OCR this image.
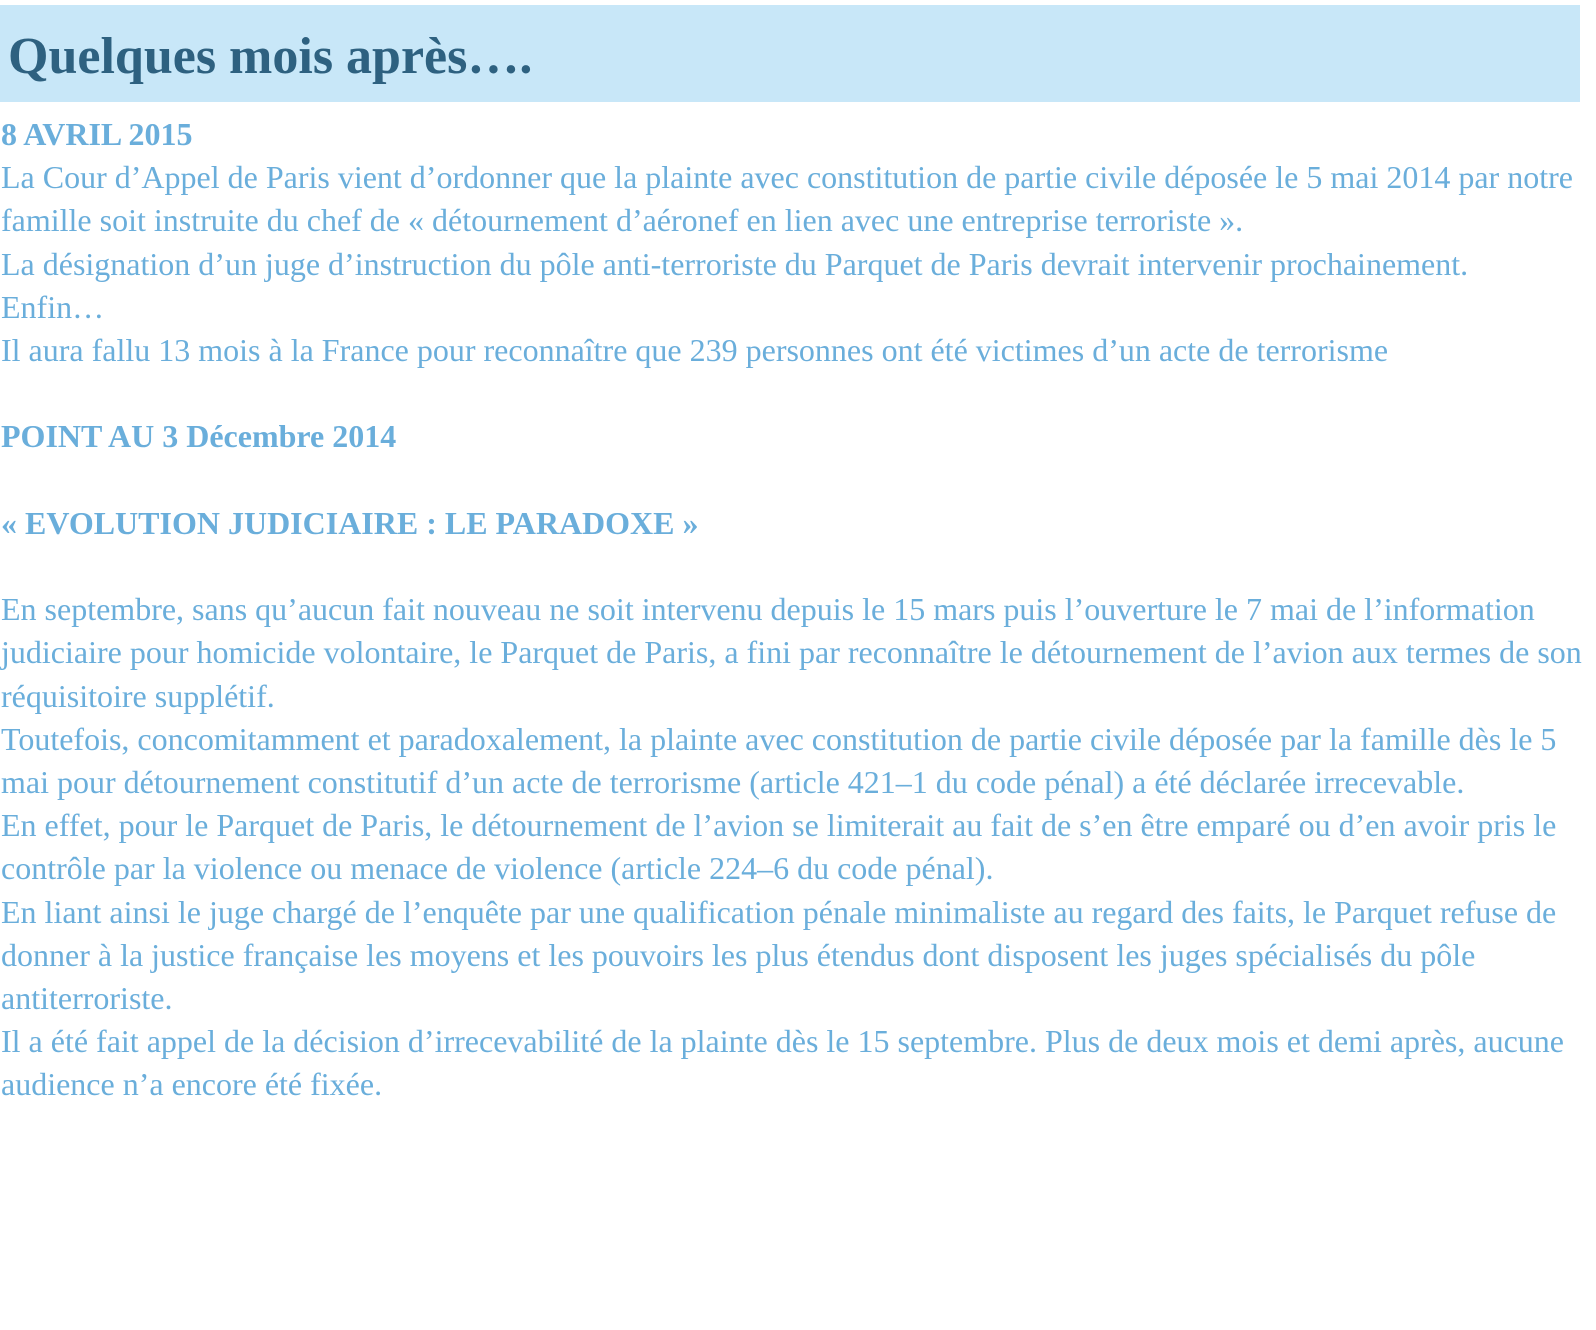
Quelques mois après….

8 AVRIL 2015

La Cour d’Appel de Paris vient d’ordonner que la plainte avec constitution de partie civile déposée le 5 mai 2014 par notre famille soit instruite du chef de « détournement d’aéronef en lien avec une entreprise terroriste ».

La désignation d’un juge d’instruction du pôle anti-terroriste du Parquet de Paris devrait intervenir prochainement.

Enfin…

Il aura fallu 13 mois à la France pour reconnaître que 239 personnes ont été victimes d’un acte de terrorisme

POINT AU 3 Décembre 2014

« EVOLUTION JUDICIAIRE : LE PARADOXE »

En septembre, sans qu’aucun fait nouveau ne soit intervenu depuis le 15 mars puis l’ouverture le 7 mai de l’information judiciaire pour homicide volontaire, le Parquet de Paris, a fini par reconnaître le détournement de l’avion aux termes de son réquisitoire supplétif.

Toutefois, concomitamment et paradoxalement, la plainte avec constitution de partie civile déposée par la famille dès le 5 mai pour détournement constitutif d’un acte de terrorisme (article 421–1 du code pénal) a été déclarée irrecevable.

En effet, pour le Parquet de Paris, le détournement de l’avion se limiterait au fait de s’en être emparé ou d’en avoir pris le contrôle par la violence ou menace de violence (article 224–6 du code pénal).

En liant ainsi le juge chargé de l’enquête par une qualification pénale minimaliste au regard des faits, le Parquet refuse de donner à la justice française les moyens et les pouvoirs les plus étendus dont disposent les juges spécialisés du pôle antiterroriste.

Il a été fait appel de la décision d’irrecevabilité de la plainte dès le 15 septembre. Plus de deux mois et demi après, aucune audience n’a encore été fixée.
